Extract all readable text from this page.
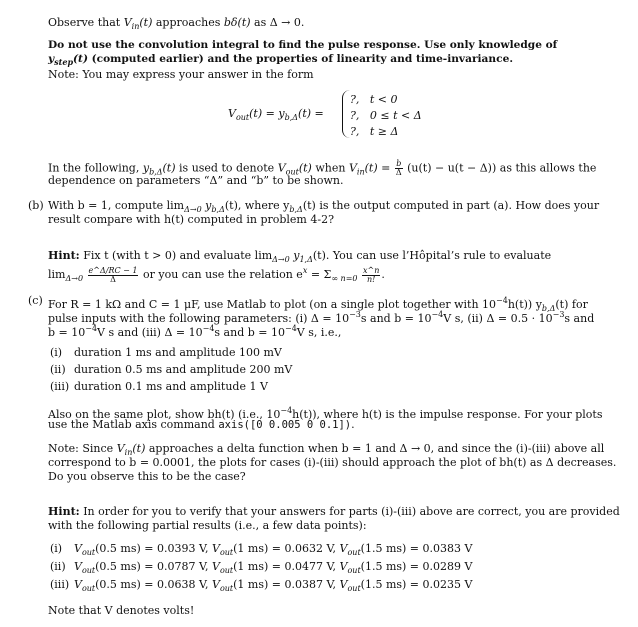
Observe that $V_{in}(t)$ approaches bδ(t) as Δ → 0.
Do not use the convolution integral to find the pulse response. Use only knowledge of
$y_{step}(t)$ (computed earlier) and the properties of linearity and time-invariance.
Note: You may express your answer in the form
$V_{out}(t) = y_{b,\Delta}(t)$ =
?,   t < 0
?,   0 ≤ t < Δ
?,   t ≥ Δ
In the following, $y_{b,\Delta}(t)$ is used to denote $V_{out}(t)$ when $V_{in}(t) = \frac{b}{\Delta} (u(t) - u(t - \Delta))$ as this allows the
dependence on parameters “Δ” and “b” to be shown.
(b) With b = 1, compute $\lim_{\Delta\to 0} y_{b,\Delta}(t)$, where $y_{b,\Delta}(t)$ is the output computed in part (a). How does your
result compare with h(t) computed in problem 4-2?
Hint: Fix t (with t > 0) and evaluate $\lim_{\Delta\to 0} y_{1,\Delta}(t)$. You can use l’Hôpital’s rule to evaluate
$\lim_{\Delta\to 0} \frac{e\^{}\Delta/RC - 1}{\Delta}$ or you can use the relation $e^x = \Sigma_{\infty n=0} \frac{x\^{}n}{n!}$ .
(c) For R = 1 kΩ and C = 1 μF, use Matlab to plot (on a single plot together with $10^{-4}h(t)$) $y_{b,\Delta}(t)$ for
pulse inputs with the following parameters: (i) $\Delta = 10^{-3}s$ and $b = 10^{-4}V$ s, (ii) $\Delta = 0.5 \cdot 10^{-3}s$ and
$b = 10^{-4}V$ s and (iii) $\Delta = 10^{-4}s$ and $b = 10^{-4}V$ s, i.e.,
(i) duration 1 ms and amplitude 100 mV
(ii) duration 0.5 ms and amplitude 200 mV
(iii) duration 0.1 ms and amplitude 1 V
Also on the same plot, show bh(t) (i.e., $10^{-4}h(t)$), where h(t) is the impulse response. For your plots
use the Matlab axis command axis([0 0.005 0 0.1]).
Note: Since $V_{in}(t)$ approaches a delta function when b = 1 and Δ → 0, and since the (i)-(iii) above all
correspond to b = 0.0001, the plots for cases (i)-(iii) should approach the plot of bh(t) as Δ decreases.
Do you observe this to be the case?
Hint: In order for you to verify that your answers for parts (i)-(iii) above are correct, you are provided
with the following partial results (i.e., a few data points):
(i) $V_{out}(0.5$ ms) = 0.0393 V, $V_{out}(1$ ms) = 0.0632 V, $V_{out}(1.5$ ms) = 0.0383 V
(ii) $V_{out}(0.5$ ms) = 0.0787 V, $V_{out}(1$ ms) = 0.0477 V, $V_{out}(1.5$ ms) = 0.0289 V
(iii) $V_{out}(0.5$ ms) = 0.0638 V, $V_{out}(1$ ms) = 0.0387 V, $V_{out}(1.5$ ms) = 0.0235 V
Note that V denotes volts!
